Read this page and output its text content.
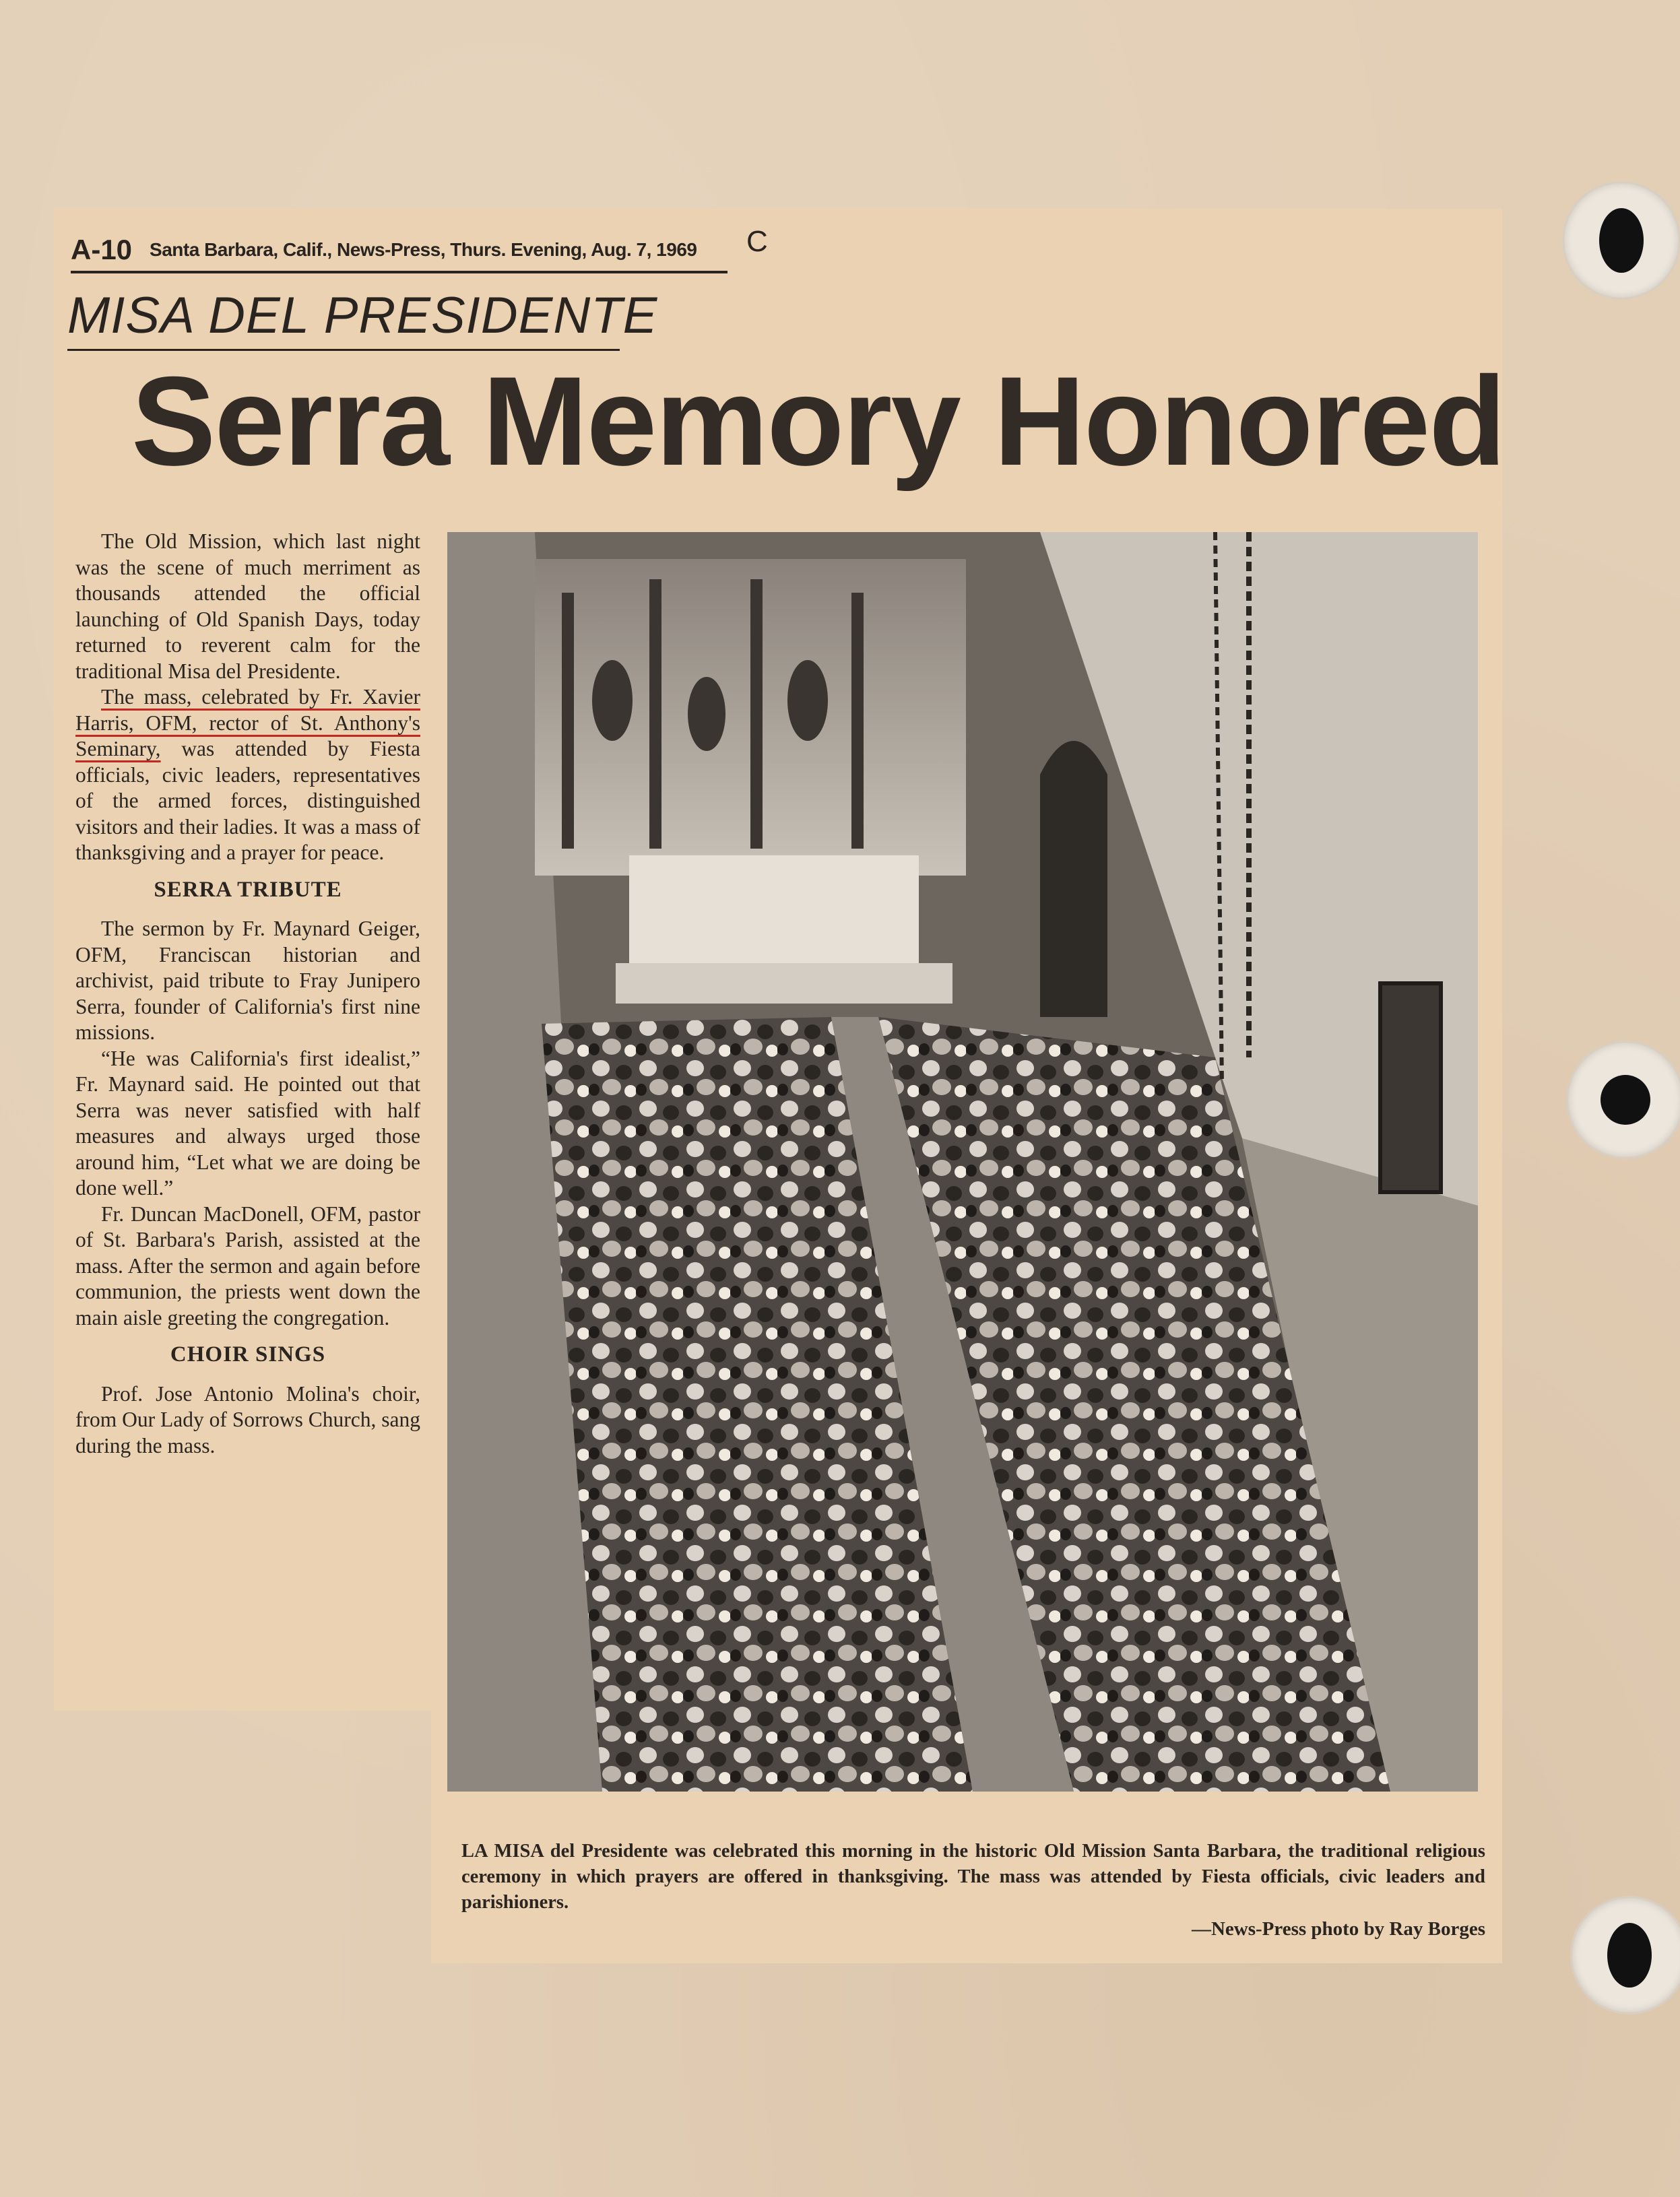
A-10 Santa Barbara, Calif., News-Press, Thurs. Evening, Aug. 7, 1969 C
MISA DEL PRESIDENTE
Serra Memory Honored

The Old Mission, which last night was the scene of much merriment as thousands attended the official launching of Old Spanish Days, today returned to reverent calm for the traditional Misa del Presidente.

The mass, celebrated by Fr. Xavier Harris, OFM, rector of St. Anthony's Seminary, was attended by Fiesta officials, civic leaders, representatives of the armed forces, distinguished visitors and their ladies. It was a mass of thanksgiving and a prayer for peace.

SERRA TRIBUTE

The sermon by Fr. Maynard Geiger, OFM, Franciscan historian and archivist, paid tribute to Fray Junipero Serra, founder of California's first nine missions.

“He was California's first idealist,” Fr. Maynard said. He pointed out that Serra was never satisfied with half measures and always urged those around him, “Let what we are doing be done well.”

Fr. Duncan MacDonell, OFM, pastor of St. Barbara's Parish, assisted at the mass. After the sermon and again before communion, the priests went down the main aisle greeting the congregation.

CHOIR SINGS

Prof. Jose Antonio Molina's choir, from Our Lady of Sorrows Church, sang during the mass.

LA MISA del Presidente was celebrated this morning in the historic Old Mission Santa Barbara, the traditional religious ceremony in which prayers are offered in thanksgiving. The mass was attended by Fiesta officials, civic leaders and parishioners.
—News-Press photo by Ray Borges
